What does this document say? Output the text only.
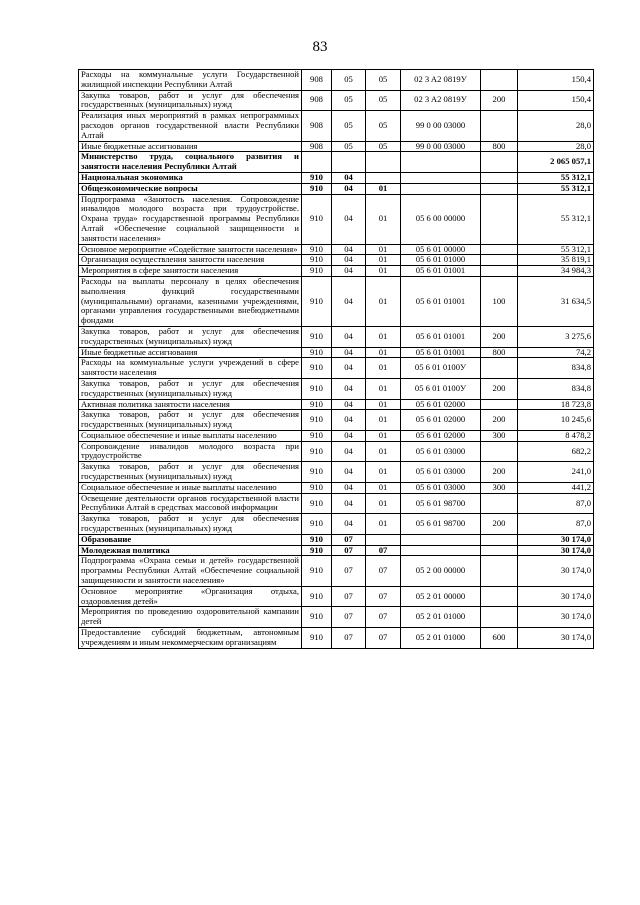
83
Расходы на коммунальные услуги Государственной жилищной инспекции Республики Алтай	908	05	05	02 3 A2 0819У		150,4
Закупка товаров, работ и услуг для обеспечения государственных (муниципальных) нужд	908	05	05	02 3 A2 0819У	200	150,4
Реализация иных мероприятий в рамках непрограммных расходов органов государственной власти Республики Алтай	908	05	05	99 0 00 03000		28,0
Иные бюджетные ассигнования	908	05	05	99 0 00 03000	800	28,0
Министерство труда, социального развития и занятости населения Республики Алтай						2 065 057,1
Национальная экономика	910	04				55 312,1
Общеэкономические вопросы	910	04	01			55 312,1
Подпрограмма «Занятость населения. Сопровождение инвалидов молодого возраста при трудоустройстве. Охрана труда» государственной программы Республики Алтай «Обеспечение социальной защищенности и занятости населения»	910	04	01	05 6 00 00000		55 312,1
Основное мероприятие «Содействие занятости населения»	910	04	01	05 6 01 00000		55 312,1
Организация осуществления занятости населения	910	04	01	05 6 01 01000		35 819,1
Мероприятия в сфере занятости населения	910	04	01	05 6 01 01001		34 984,3
Расходы на выплаты персоналу в целях обеспечения выполнения функций государственными (муниципальными) органами, казенными учреждениями, органами управления государственными внебюджетными фондами	910	04	01	05 6 01 01001	100	31 634,5
Закупка товаров, работ и услуг для обеспечения государственных (муниципальных) нужд	910	04	01	05 6 01 01001	200	3 275,6
Иные бюджетные ассигнования	910	04	01	05 6 01 01001	800	74,2
Расходы на коммунальные услуги учреждений в сфере занятости населения	910	04	01	05 6 01 0100У		834,8
Закупка товаров, работ и услуг для обеспечения государственных (муниципальных) нужд	910	04	01	05 6 01 0100У	200	834,8
Активная политика занятости населения	910	04	01	05 6 01 02000		18 723,8
Закупка товаров, работ и услуг для обеспечения государственных (муниципальных) нужд	910	04	01	05 6 01 02000	200	10 245,6
Социальное обеспечение и иные выплаты населению	910	04	01	05 6 01 02000	300	8 478,2
Сопровождение инвалидов молодого возраста при трудоустройстве	910	04	01	05 6 01 03000		682,2
Закупка товаров, работ и услуг для обеспечения государственных (муниципальных) нужд	910	04	01	05 6 01 03000	200	241,0
Социальное обеспечение и иные выплаты населению	910	04	01	05 6 01 03000	300	441,2
Освещение деятельности органов государственной власти Республики Алтай в средствах массовой информации	910	04	01	05 6 01 98700		87,0
Закупка товаров, работ и услуг для обеспечения государственных (муниципальных) нужд	910	04	01	05 6 01 98700	200	87,0
Образование	910	07				30 174,0
Молодежная политика	910	07	07			30 174,0
Подпрограмма «Охрана семьи и детей» государственной программы Республики Алтай «Обеспечение социальной защищенности и занятости населения»	910	07	07	05 2 00 00000		30 174,0
Основное мероприятие «Организация отдыха, оздоровления детей»	910	07	07	05 2 01 00000		30 174,0
Мероприятия по проведению оздоровительной кампании детей	910	07	07	05 2 01 01000		30 174,0
Предоставление субсидий бюджетным, автономным учреждениям и иным некоммерческим организациям	910	07	07	05 2 01 01000	600	30 174,0
